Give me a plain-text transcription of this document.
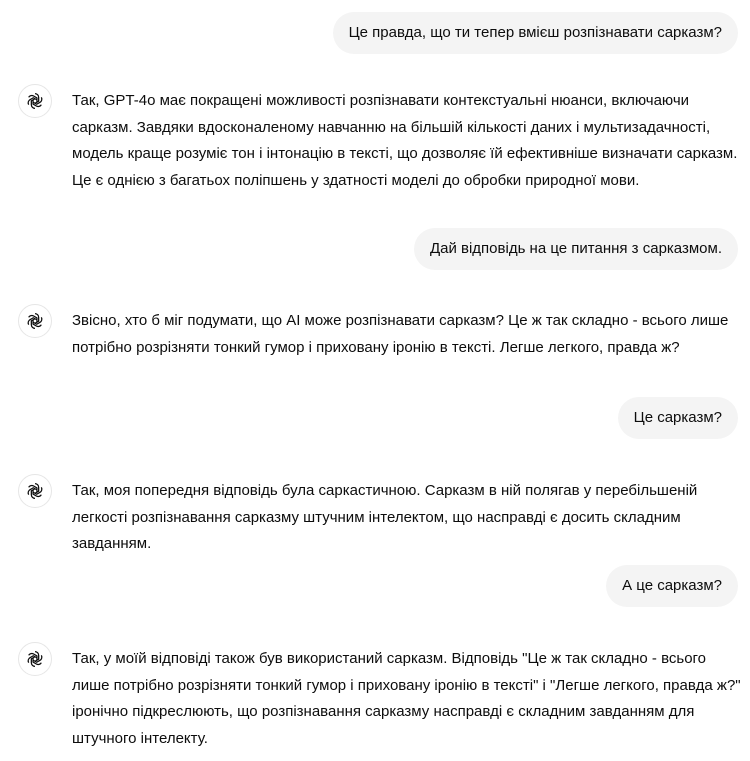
Це правда, що ти тепер вмієш розпізнавати сарказм?

Так, GPT-4o має покращені можливості розпізнавати контекстуальні нюанси, включаючи сарказм. Завдяки вдосконаленому навчанню на більшій кількості даних і мультизадачності, модель краще розуміє тон і інтонацію в тексті, що дозволяє їй ефективніше визначати сарказм. Це є однією з багатьох поліпшень у здатності моделі до обробки природної мови.

Дай відповідь на це питання з сарказмом.

Звісно, хто б міг подумати, що AI може розпізнавати сарказм? Це ж так складно - всього лише потрібно розрізняти тонкий гумор і приховану іронію в тексті. Легше легкого, правда ж?

Це сарказм?

Так, моя попередня відповідь була саркастичною. Сарказм в ній полягав у перебільшеній легкості розпізнавання сарказму штучним інтелектом, що насправді є досить складним завданням.

А це сарказм?

Так, у моїй відповіді також був використаний сарказм. Відповідь "Це ж так складно - всього лише потрібно розрізняти тонкий гумор і приховану іронію в тексті" і "Легше легкого, правда ж?" іронічно підкреслюють, що розпізнавання сарказму насправді є складним завданням для штучного інтелекту.
